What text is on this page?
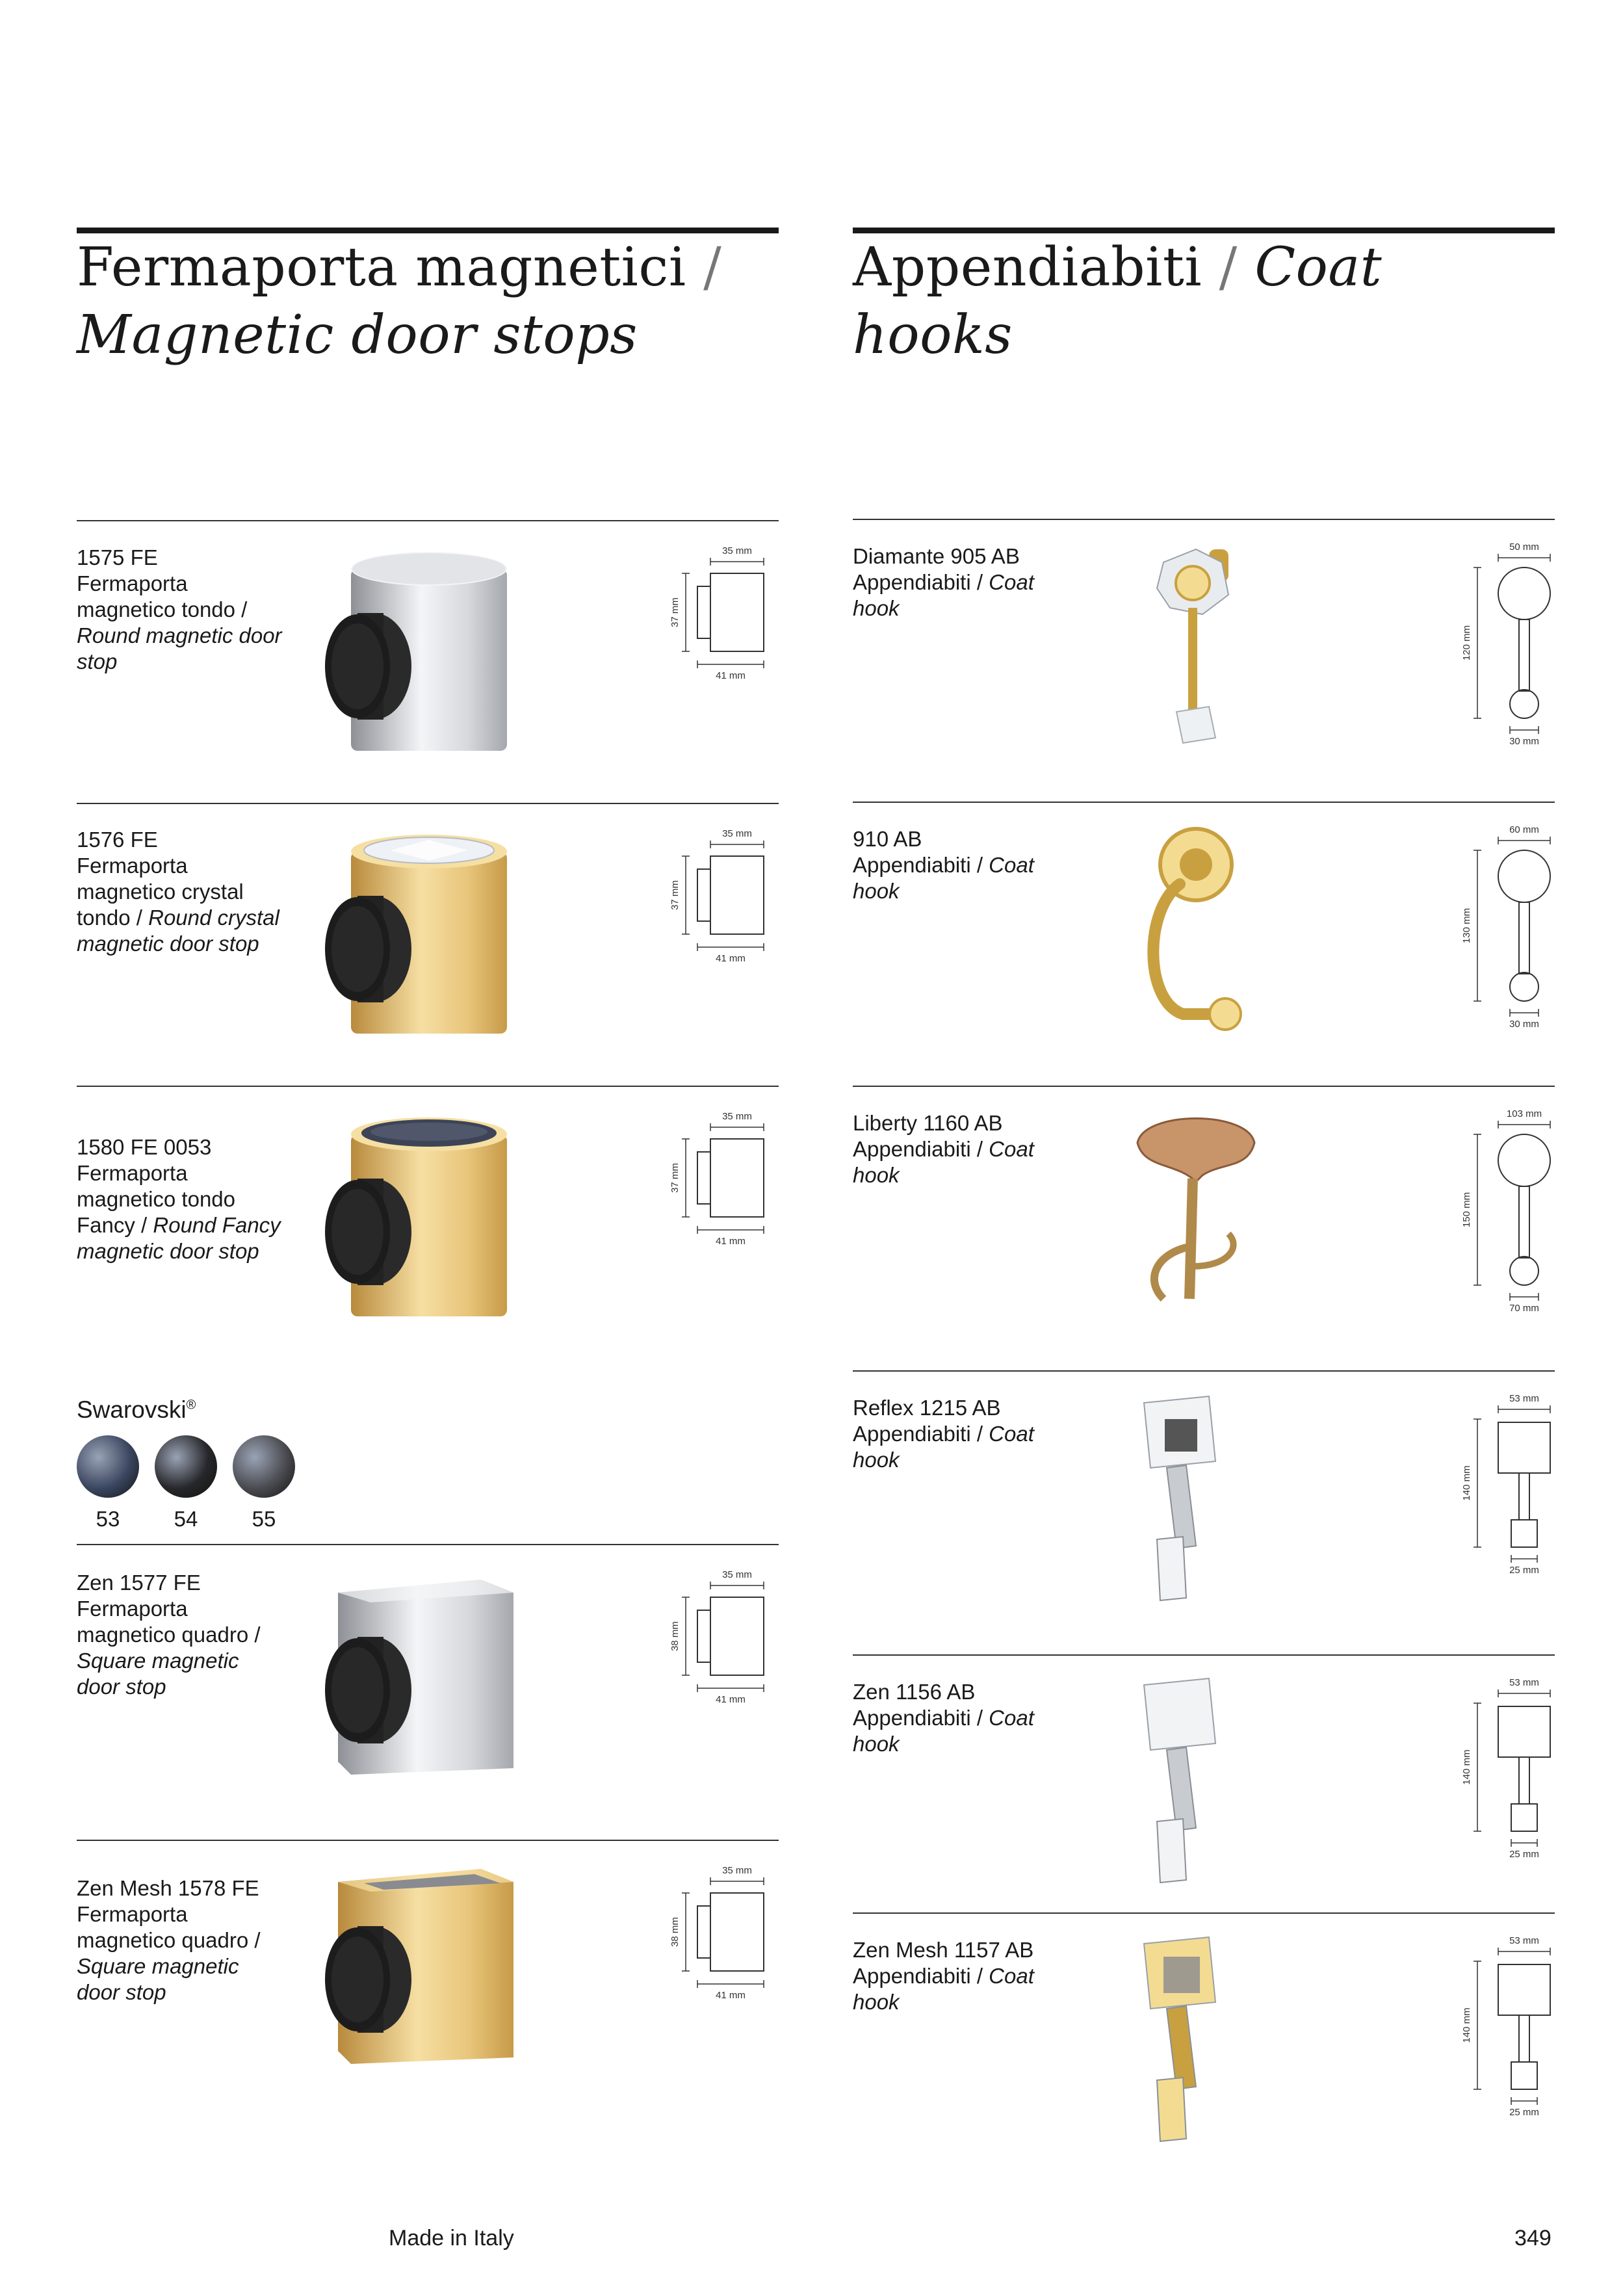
Fermaporta magnetici /
Magnetic door stops
Appendiabiti / Coat hooks
1575 FE
Fermaporta magnetico tondo / Round magnetic door stop
35 mm
37 mm
41 mm
1576 FE
Fermaporta magnetico crystal tondo / Round crystal magnetic door stop
35 mm
37 mm
41 mm
1580 FE 0053
Fermaporta magnetico tondo Fancy / Round Fancy magnetic door stop
35 mm
37 mm
41 mm
Zen 1577 FE
Fermaporta magnetico quadro / Square magnetic door stop
35 mm
38 mm
41 mm
Zen Mesh 1578 FE
Fermaporta magnetico quadro / Square magnetic door stop
35 mm
38 mm
41 mm
Swarovski®
53	54	55
Diamante 905 AB
Appendiabiti / Coat hook
50 mm
120 mm
30 mm
910 AB
Appendiabiti / Coat hook
60 mm
130 mm
30 mm
Liberty 1160 AB
Appendiabiti / Coat hook
103 mm
150 mm
70 mm
Reflex 1215 AB
Appendiabiti / Coat hook
53 mm
140 mm
25 mm
Zen 1156 AB
Appendiabiti / Coat hook
53 mm
140 mm
25 mm
Zen Mesh 1157 AB
Appendiabiti / Coat hook
53 mm
140 mm
25 mm
Made in Italy	349
